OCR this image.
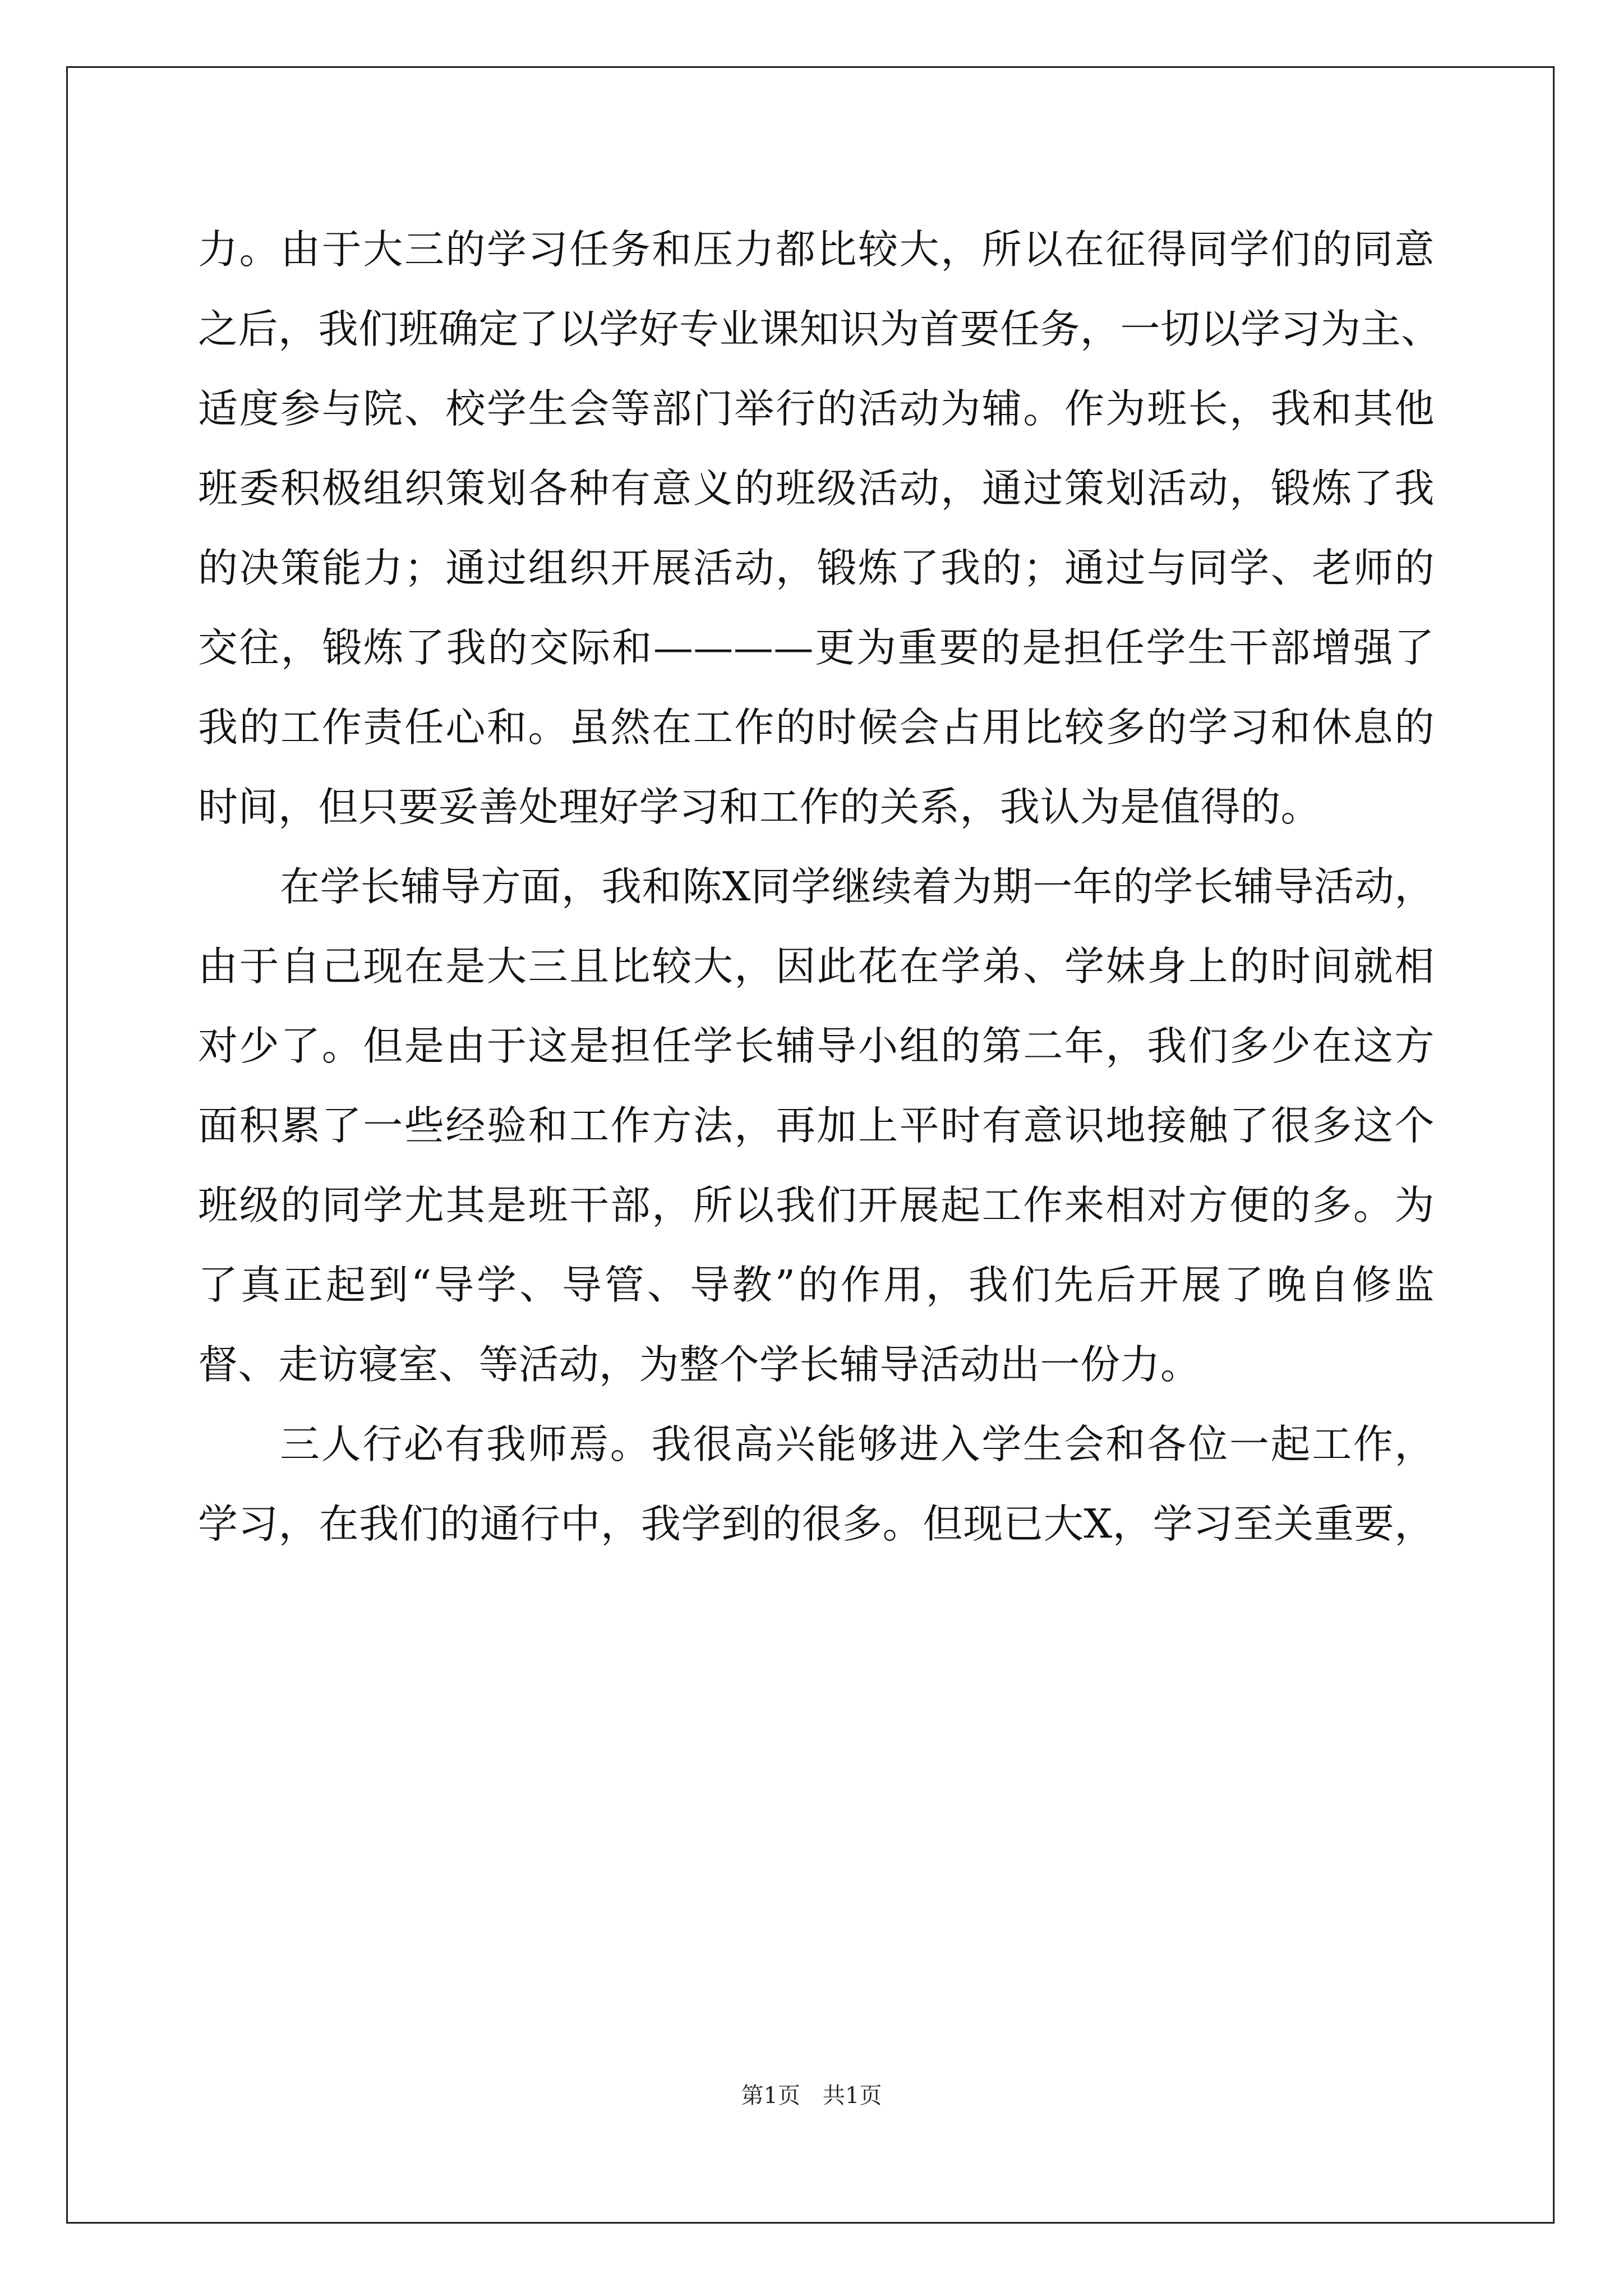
力。由于大三的学习任务和压力都比较大，所以在征得同学们的同意
之后，我们班确定了以学好专业课知识为首要任务，一切以学习为主、
适度参与院、校学生会等部门举行的活动为辅。作为班长，我和其他
班委积极组织策划各种有意义的班级活动，通过策划活动，锻炼了我
的决策能力；通过组织开展活动，锻炼了我的；通过与同学、老师的
交往，锻炼了我的交际和————更为重要的是担任学生干部增强了
我的工作责任心和。虽然在工作的时候会占用比较多的学习和休息的
时间，但只要妥善处理好学习和工作的关系，我认为是值得的。
在学长辅导方面，我和陈X同学继续着为期一年的学长辅导活动，
由于自己现在是大三且比较大，因此花在学弟、学妹身上的时间就相
对少了。但是由于这是担任学长辅导小组的第二年，我们多少在这方
面积累了一些经验和工作方法，再加上平时有意识地接触了很多这个
班级的同学尤其是班干部，所以我们开展起工作来相对方便的多。为
了真正起到“导学、导管、导教”的作用，我们先后开展了晚自修监
督、走访寝室、等活动，为整个学长辅导活动出一份力。
三人行必有我师焉。我很高兴能够进入学生会和各位一起工作，
学习，在我们的通行中，我学到的很多。但现已大X，学习至关重要，
第1页　共1页
